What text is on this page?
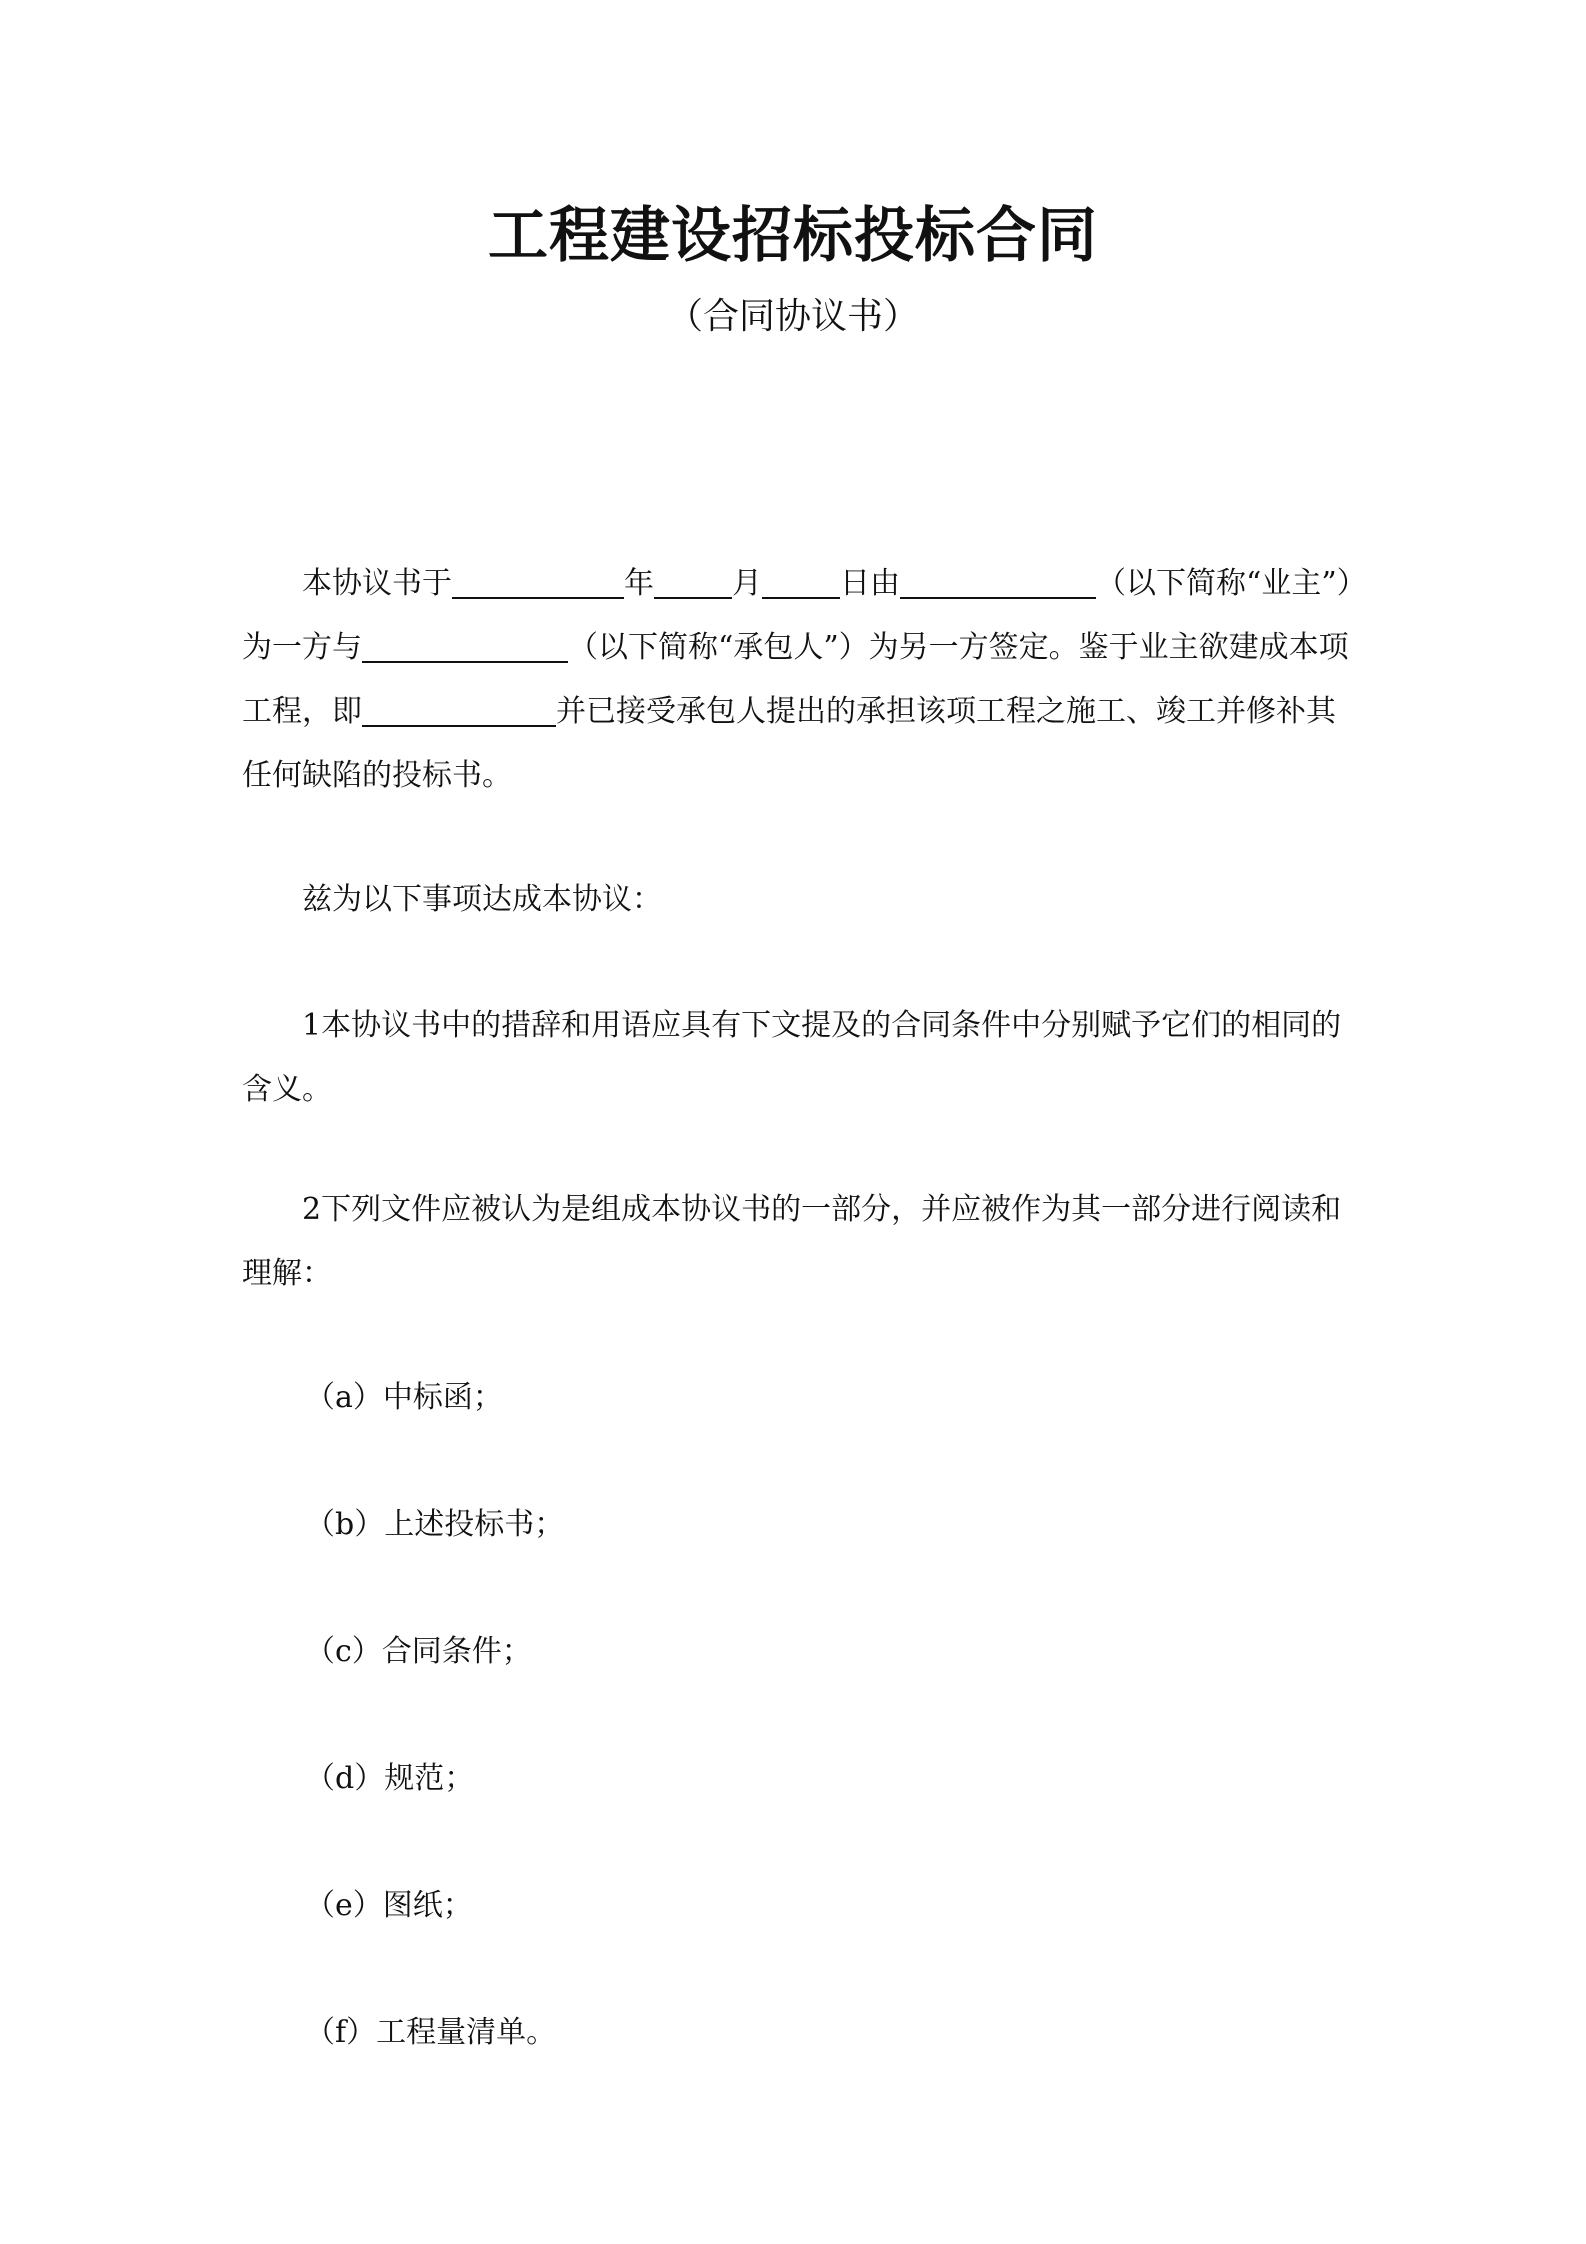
工程建设招标投标合同
（合同协议书）

本协议书于	年	月	日由	（以下简称“业主”）为一方与	（以下简称“承包人”）为另一方签定。鉴于业主欲建成本项工程，即	并已接受承包人提出的承担该项工程之施工、竣工并修补其任何缺陷的投标书。

兹为以下事项达成本协议：

1本协议书中的措辞和用语应具有下文提及的合同条件中分别赋予它们的相同的含义。

2下列文件应被认为是组成本协议书的一部分，并应被作为其一部分进行阅读和理解：

（a）中标函；
（b）上述投标书；
（c）合同条件；
（d）规范；
（e）图纸；
（f）工程量清单。
